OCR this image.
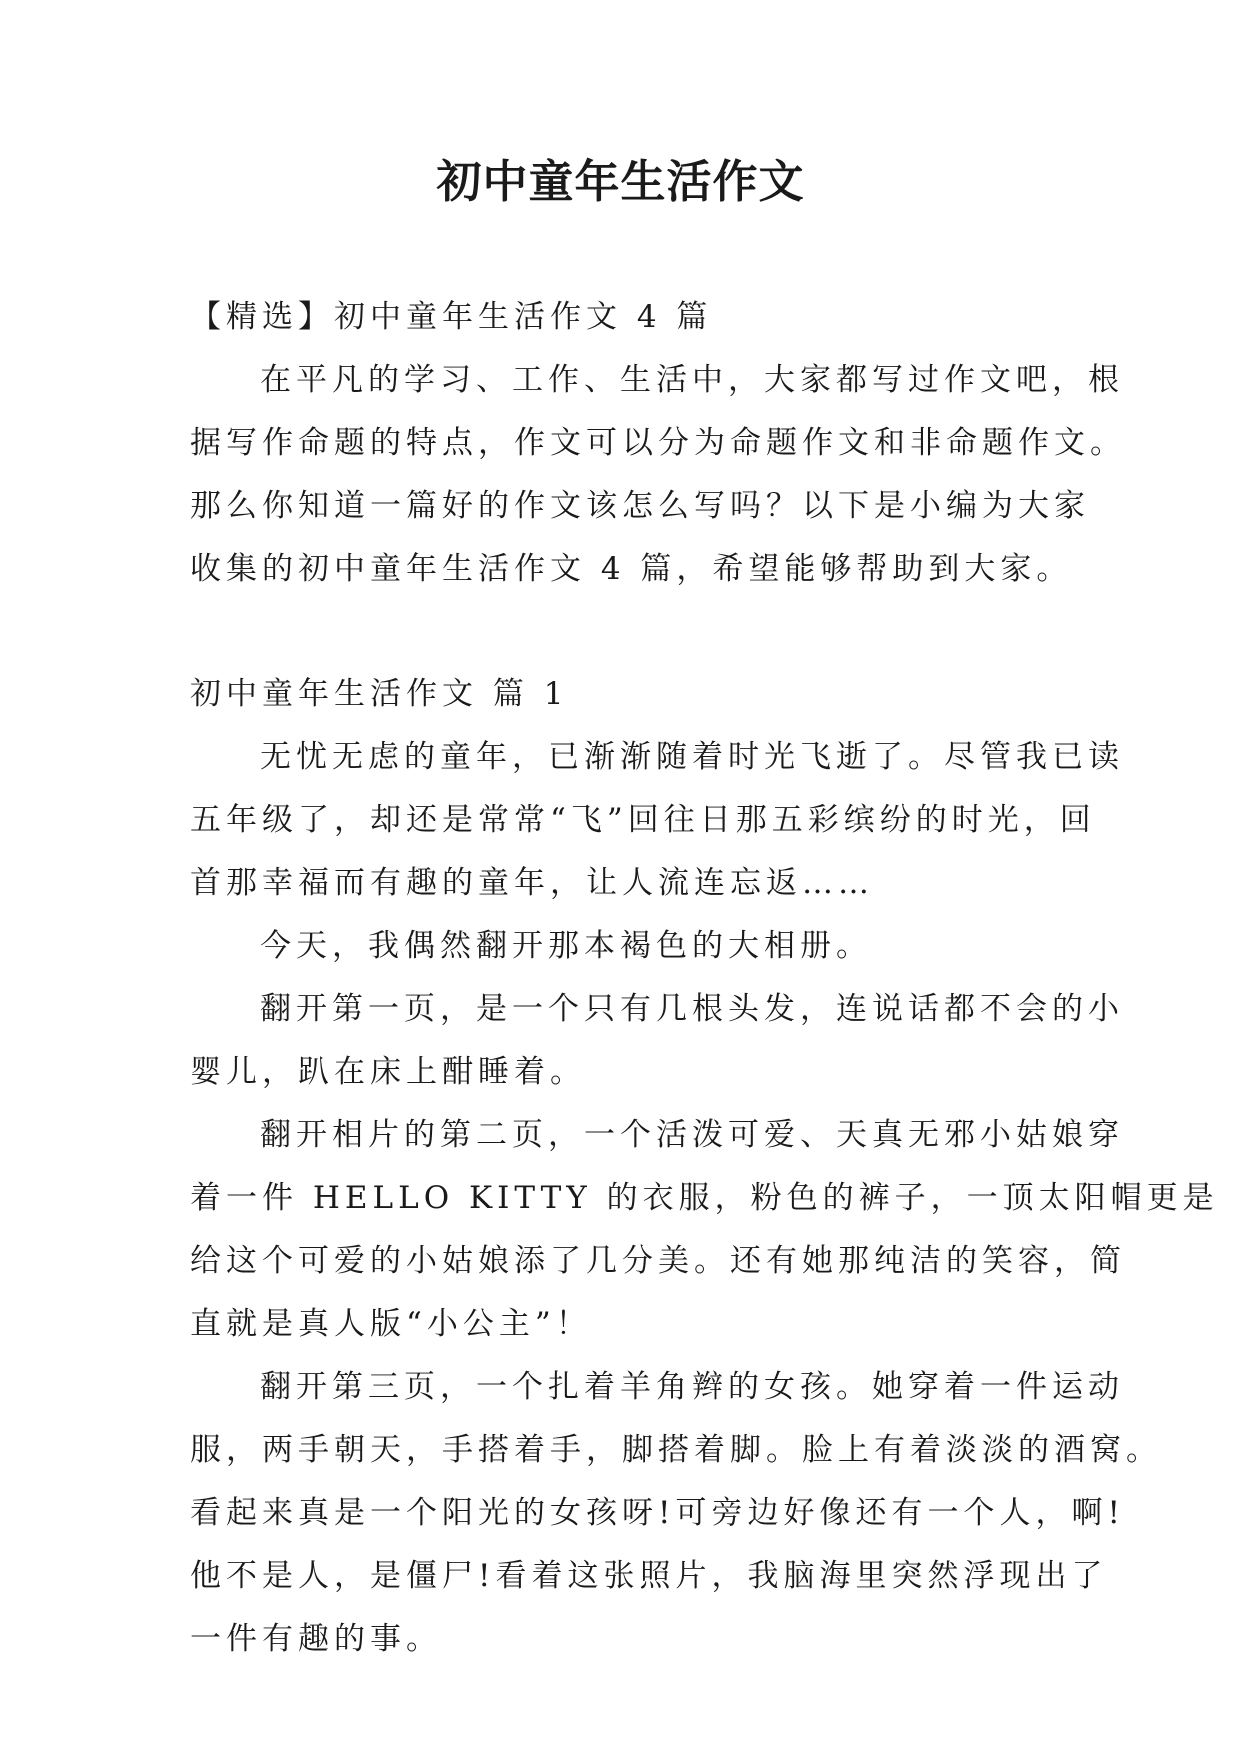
初中童年生活作文

【精选】初中童年生活作文 4 篇

在平凡的学习、工作、生活中，大家都写过作文吧，根

据写作命题的特点，作文可以分为命题作文和非命题作文。

那么你知道一篇好的作文该怎么写吗？以下是小编为大家

收集的初中童年生活作文 4 篇，希望能够帮助到大家。

初中童年生活作文 篇 1

无忧无虑的童年，已渐渐随着时光飞逝了。尽管我已读

五年级了，却还是常常“飞”回往日那五彩缤纷的时光，回

首那幸福而有趣的童年，让人流连忘返……

今天，我偶然翻开那本褐色的大相册。

翻开第一页，是一个只有几根头发，连说话都不会的小

婴儿，趴在床上酣睡着。

翻开相片的第二页，一个活泼可爱、天真无邪小姑娘穿

着一件 HELLO KITTY 的衣服，粉色的裤子，一顶太阳帽更是

给这个可爱的小姑娘添了几分美。还有她那纯洁的笑容，简

直就是真人版“小公主”！

翻开第三页，一个扎着羊角辫的女孩。她穿着一件运动

服，两手朝天，手搭着手，脚搭着脚。脸上有着淡淡的酒窝。

看起来真是一个阳光的女孩呀!可旁边好像还有一个人，啊!

他不是人，是僵尸!看着这张照片，我脑海里突然浮现出了

一件有趣的事。
